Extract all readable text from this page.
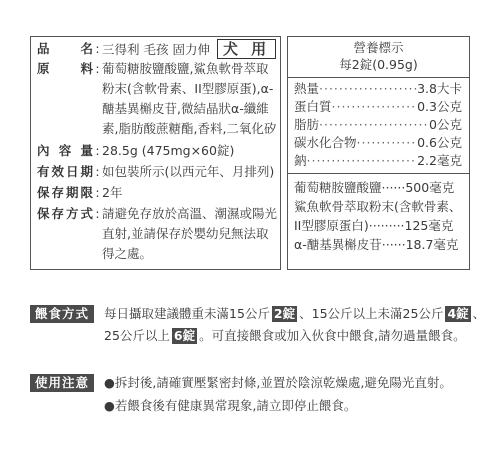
品名 : 三得利 毛孩 固力伸 犬 用
原料 : 葡萄糖胺鹽酸鹽,鯊魚軟骨萃取
粉末(含軟骨素、II型膠原蛋),α-
醣基異槲皮苷,微結晶狀α-纖維
素,脂肪酸蔗糖酯,香料,二氧化矽
內容量 : 28.5g (475mg×60錠)
有效日期 : 如包裝所示(以西元年、月排列)
保存期限 : 2年
保存方式 : 請避免存放於高溫、潮濕或陽光
直射,並請保存於嬰幼兒無法取
得之處。
營養標示
每2錠(0.95g)
熱量 ·····	3.8大卡
蛋白質 ·····	0.3公克
脂肪 ·····	0公克
碳水化合物 ·····	0.6公克
鈉 ·····	2.2毫克
葡萄糖胺鹽酸鹽······500毫克
鯊魚軟骨萃取粉末(含軟骨素、
II型膠原蛋白)·········125毫克
α-醣基異槲皮苷······18.7毫克
餵食方式	每日攝取建議體重未滿15公斤 2錠 、15公斤以上未滿25公斤 4錠 、
25公斤以上 6錠 。可直接餵食或加入伙食中餵食,請勿過量餵食。
使用注意	●拆封後,請確實壓緊密封條,並置於陰涼乾燥處,避免陽光直射。
●若餵食後有健康異常現象,請立即停止餵食。
